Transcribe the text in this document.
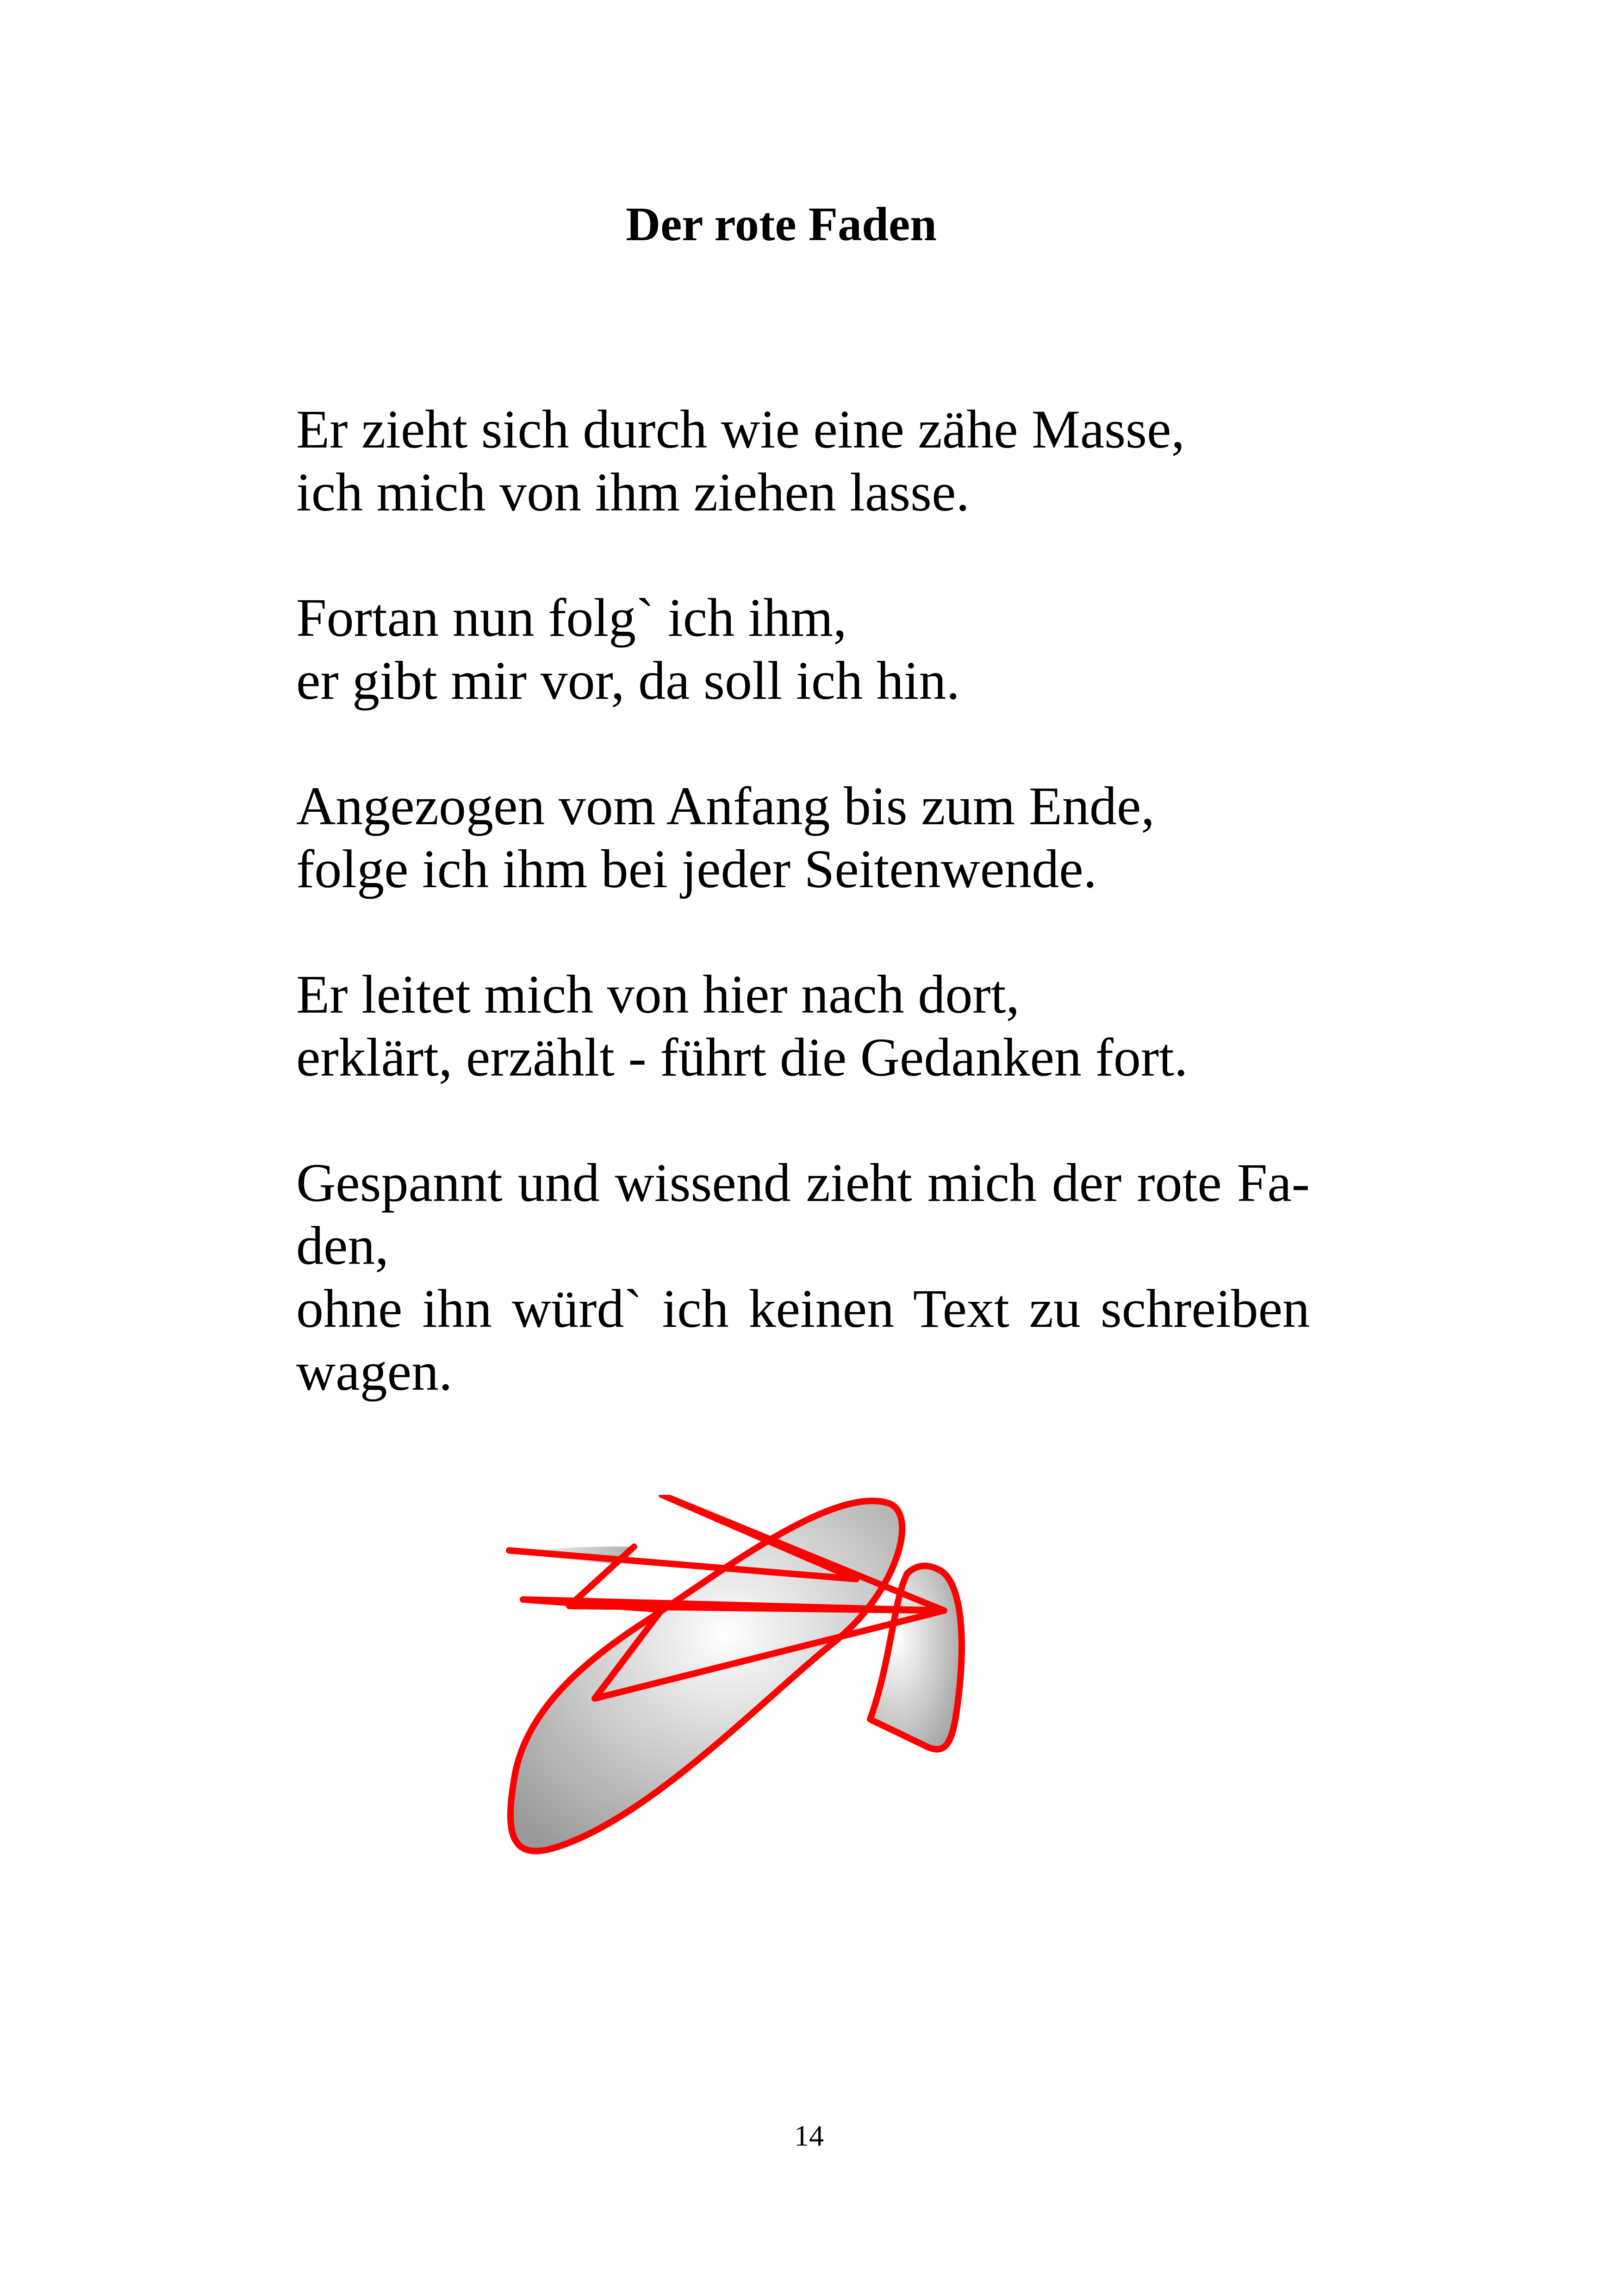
Der rote Faden
Er zieht sich durch wie eine zähe Masse,
ich mich von ihm ziehen lasse.
Fortan nun folg` ich ihm,
er gibt mir vor, da soll ich hin.
Angezogen vom Anfang bis zum Ende,
folge ich ihm bei jeder Seitenwende.
Er leitet mich von hier nach dort,
erklärt, erzählt - führt die Gedanken fort.
Gespannt und wissend zieht mich der rote Fa-
den,
ohne ihn würd` ich keinen Text zu schreiben
wagen.
14
